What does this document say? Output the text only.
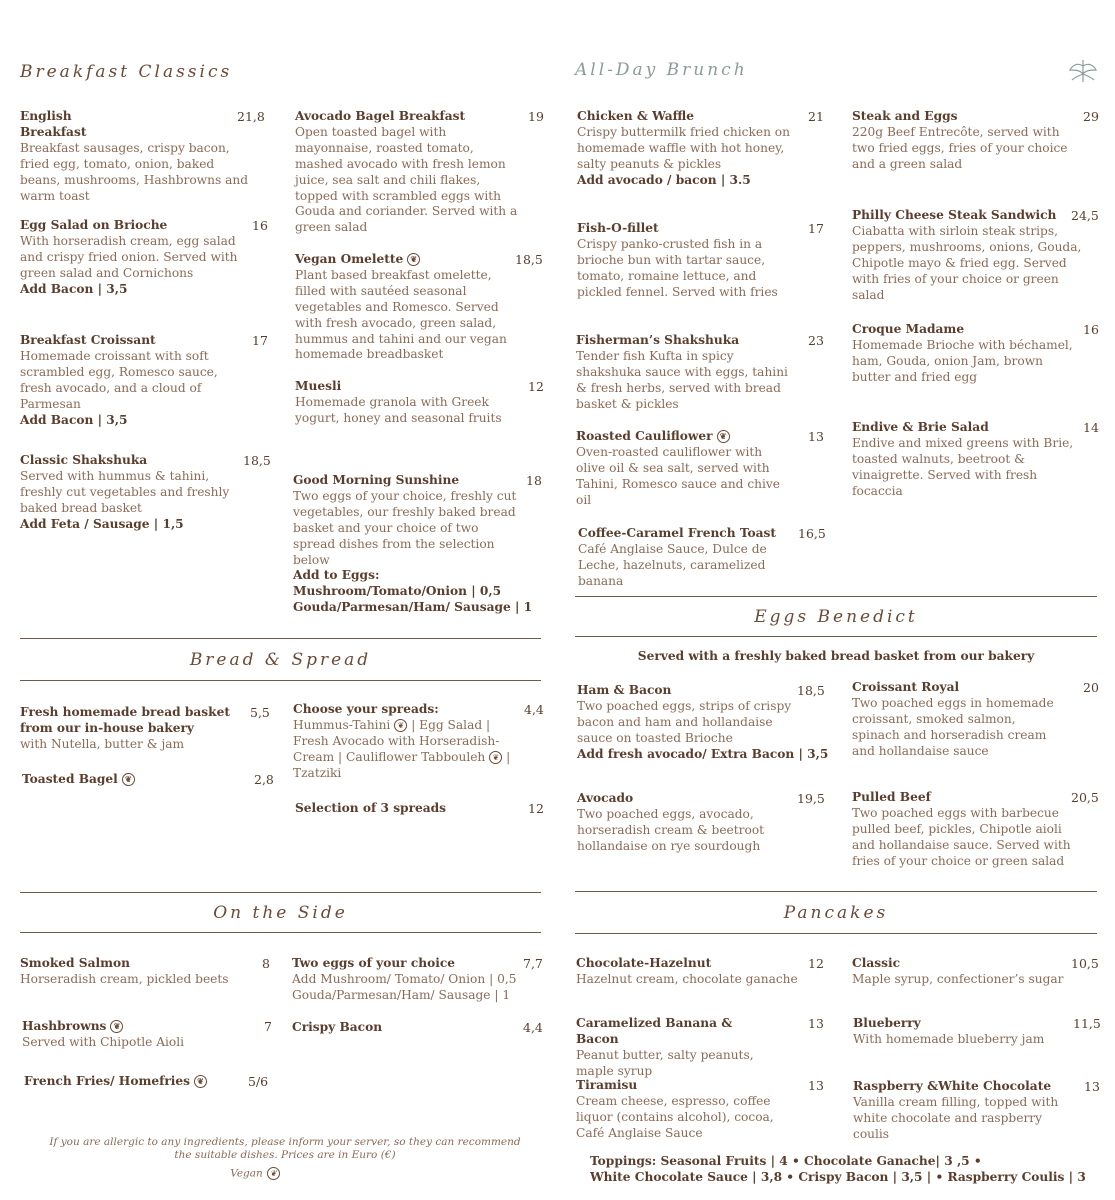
Breakfast Classics	All-Day Brunch
English Breakfast
Breakfast sausages, crispy bacon, fried egg, tomato, onion, baked beans, mushrooms, Hashbrowns and warm toast
21,8
Egg Salad on Brioche
With horseradish cream, egg salad and crispy fried onion. Served with green salad and Cornichons
Add Bacon | 3,5
16
Breakfast Croissant
Homemade croissant with soft scrambled egg, Romesco sauce, fresh avocado, and a cloud of Parmesan
Add Bacon | 3,5
17
Classic Shakshuka
Served with hummus & tahini, freshly cut vegetables and freshly baked bread basket
Add Feta / Sausage | 1,5
18,5
Avocado Bagel Breakfast
Open toasted bagel with mayonnaise, roasted tomato, mashed avocado with fresh lemon juice, sea salt and chili flakes, topped with scrambled eggs with Gouda and coriander. Served with a green salad
19
Vegan Omelette ❦
Plant based breakfast omelette, filled with sautéed seasonal vegetables and Romesco. Served with fresh avocado, green salad, hummus and tahini and our vegan homemade breadbasket
18,5
Muesli
Homemade granola with Greek yogurt, honey and seasonal fruits
12
Good Morning Sunshine
Two eggs of your choice, freshly cut vegetables, our freshly baked bread basket and your choice of two spread dishes from the selection below
Add to Eggs:
Mushroom/Tomato/Onion | 0,5
Gouda/Parmesan/Ham/ Sausage | 1
18
Chicken & Waffle
Crispy buttermilk fried chicken on homemade waffle with hot honey, salty peanuts & pickles
Add avocado / bacon | 3.5
21
Fish-O-fillet
Crispy panko-crusted fish in a brioche bun with tartar sauce, tomato, romaine lettuce, and pickled fennel. Served with fries
17
Fisherman’s Shakshuka
Tender fish Kufta in spicy shakshuka sauce with eggs, tahini & fresh herbs, served with bread basket & pickles
23
Roasted Cauliflower ❦
Oven-roasted cauliflower with olive oil & sea salt, served with Tahini, Romesco sauce and chive oil
13
Coffee-Caramel French Toast
Café Anglaise Sauce, Dulce de Leche, hazelnuts, caramelized banana
16,5
Steak and Eggs
220g Beef Entrecôte, served with two fried eggs, fries of your choice and a green salad
29
Philly Cheese Steak Sandwich
Ciabatta with sirloin steak strips, peppers, mushrooms, onions, Gouda, Chipotle mayo & fried egg. Served with fries of your choice or green salad
24,5
Croque Madame
Homemade Brioche with béchamel, ham, Gouda, onion Jam, brown butter and fried egg
16
Endive & Brie Salad
Endive and mixed greens with Brie, toasted walnuts, beetroot & vinaigrette. Served with fresh focaccia
14
Bread & Spread
Fresh homemade bread basket from our in-house bakery
with Nutella, butter & jam
5,5
Toasted Bagel ❦	2,8
Choose your spreads:
Hummus-Tahini ❦ | Egg Salad | Fresh Avocado with Horseradish-Cream | Cauliflower Tabbouleh ❦ | Tzatziki
4,4
Selection of 3 spreads	12
On the Side
Smoked Salmon
Horseradish cream, pickled beets
8
Hashbrowns ❦
Served with Chipotle Aioli
7
French Fries/ Homefries ❦	5/6
Two eggs of your choice
Add Mushroom/ Tomato/ Onion | 0,5
Gouda/Parmesan/Ham/ Sausage | 1
7,7
Crispy Bacon	4,4
If you are allergic to any ingredients, please inform your server, so they can recommend the suitable dishes. Prices are in Euro (€)
Vegan ❦
Eggs Benedict
Served with a freshly baked bread basket from our bakery
Ham & Bacon
Two poached eggs, strips of crispy bacon and ham and hollandaise sauce on toasted Brioche
Add fresh avocado/ Extra Bacon | 3,5
18,5
Avocado
Two poached eggs, avocado, horseradish cream & beetroot hollandaise on rye sourdough
19,5
Croissant Royal
Two poached eggs in homemade croissant, smoked salmon, spinach and horseradish cream and hollandaise sauce
20
Pulled Beef
Two poached eggs with barbecue pulled beef, pickles, Chipotle aioli and hollandaise sauce. Served with fries of your choice or green salad
20,5
Pancakes
Chocolate-Hazelnut
Hazelnut cream, chocolate ganache
12
Caramelized Banana & Bacon
Peanut butter, salty peanuts, maple syrup
13
Tiramisu
Cream cheese, espresso, coffee liquor (contains alcohol), cocoa, Café Anglaise Sauce
13
Classic
Maple syrup, confectioner’s sugar
10,5
Blueberry
With homemade blueberry jam
11,5
Raspberry &White Chocolate
Vanilla cream filling, topped with white chocolate and raspberry coulis
13
Toppings: Seasonal Fruits | 4 • Chocolate Ganache| 3 ,5 •
White Chocolate Sauce | 3,8 • Crispy Bacon | 3,5 | • Raspberry Coulis | 3
